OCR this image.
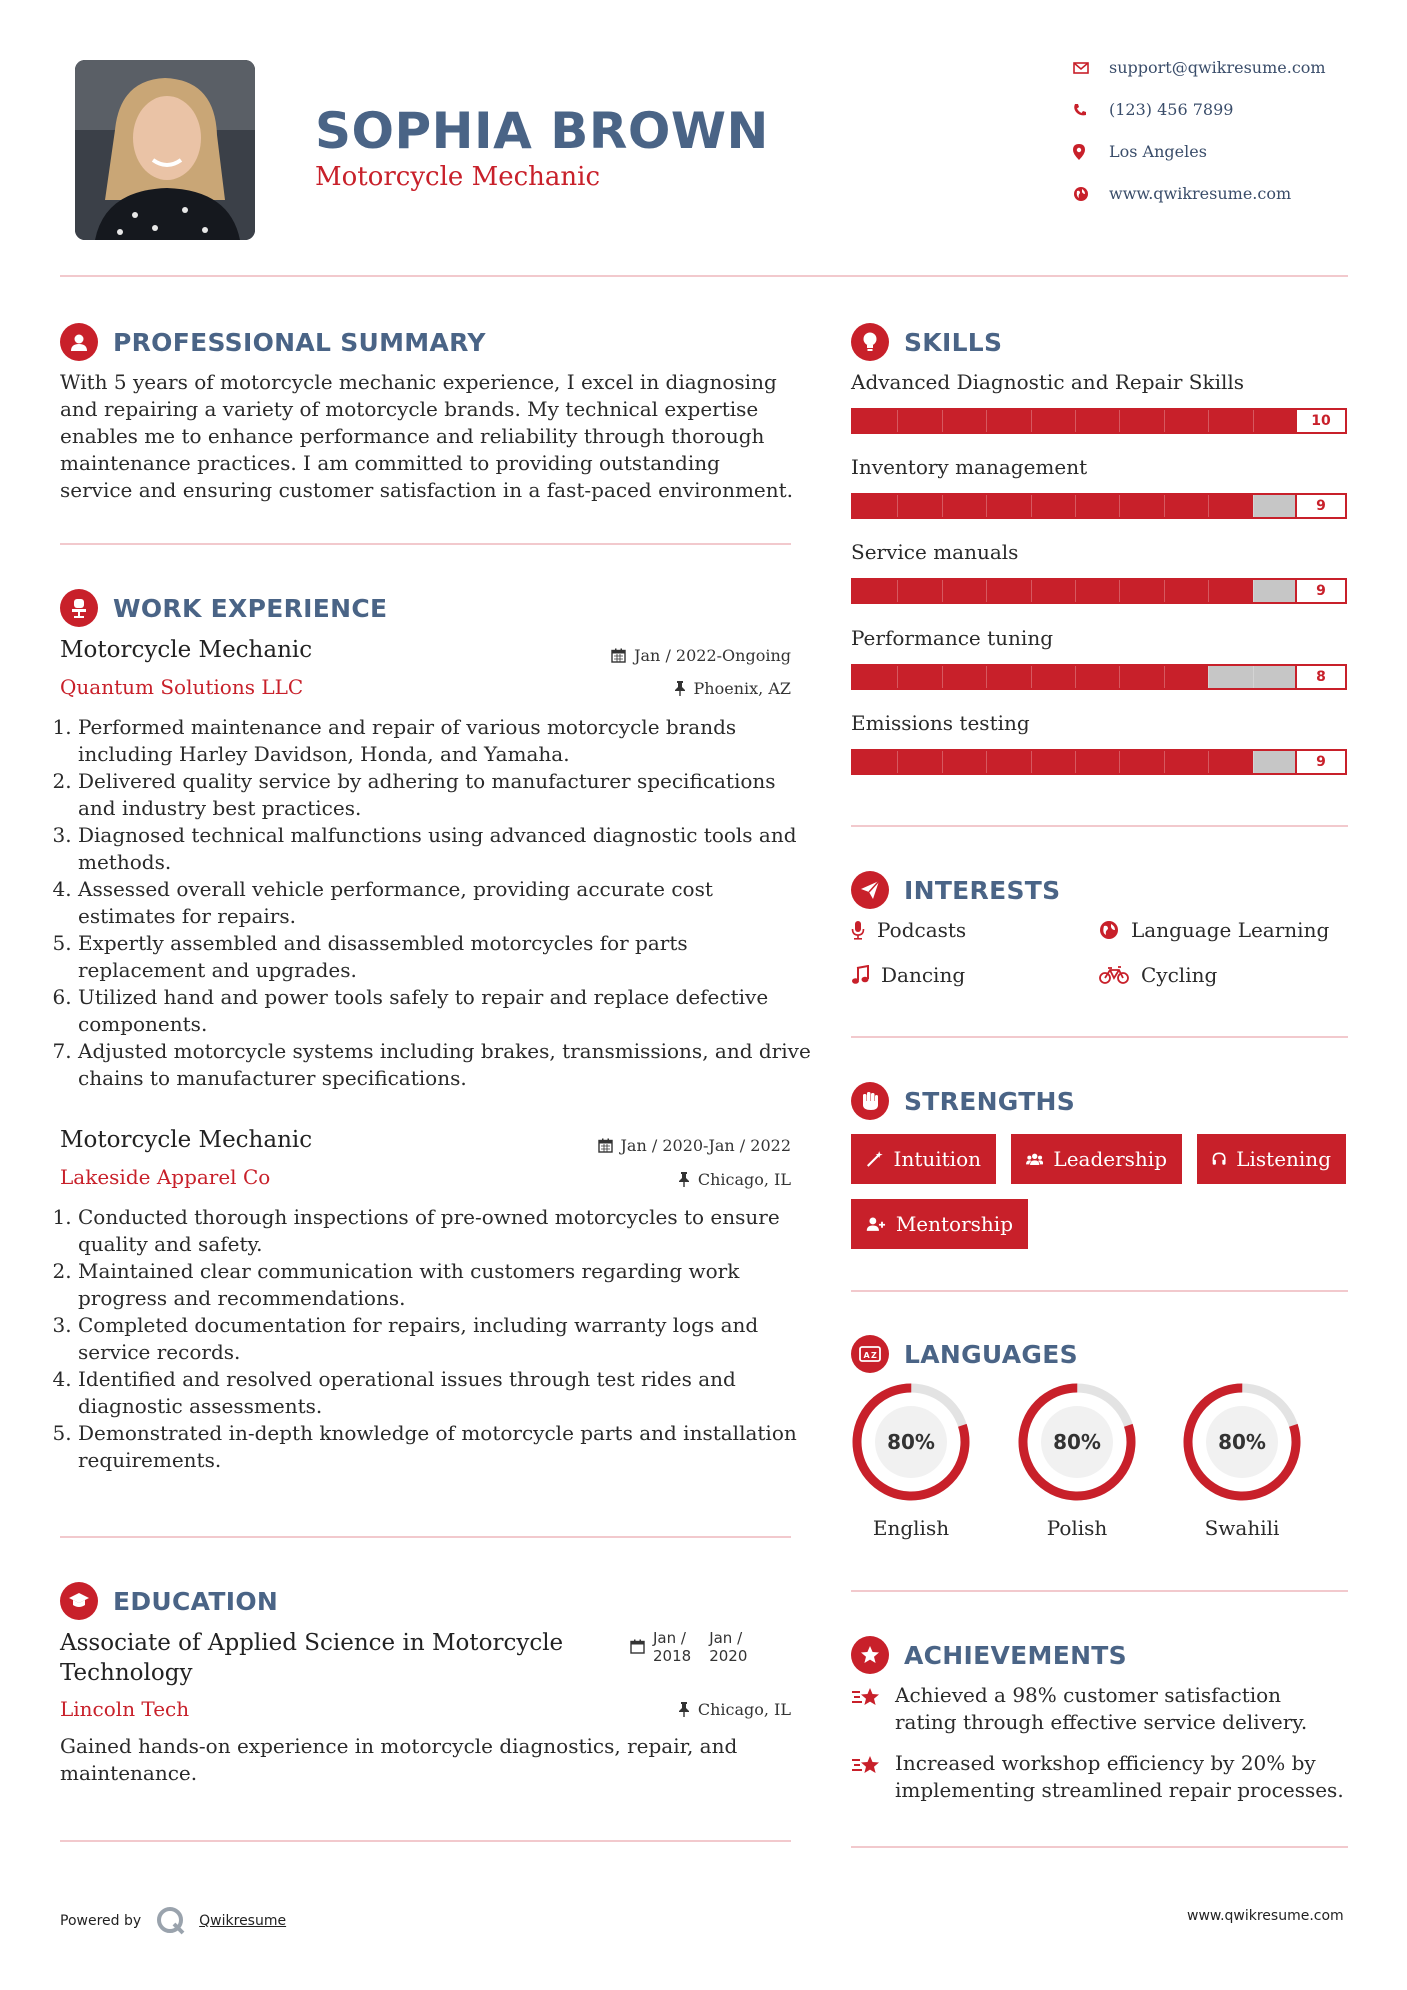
SOPHIA BROWN
Motorcycle Mechanic
support@qwikresume.com
(123) 456 7899
Los Angeles
www.qwikresume.com
PROFESSIONAL SUMMARY
With 5 years of motorcycle mechanic experience, I excel in diagnosing and repairing a variety of motorcycle brands. My technical expertise enables me to enhance performance and reliability through thorough maintenance practices. I am committed to providing outstanding service and ensuring customer satisfaction in a fast-paced environment.
WORK EXPERIENCE
Motorcycle Mechanic
Quantum Solutions LLC
Jan / 2022-Ongoing
Phoenix, AZ
1. Performed maintenance and repair of various motorcycle brands including Harley Davidson, Honda, and Yamaha.
2. Delivered quality service by adhering to manufacturer specifications and industry best practices.
3. Diagnosed technical malfunctions using advanced diagnostic tools and methods.
4. Assessed overall vehicle performance, providing accurate cost estimates for repairs.
5. Expertly assembled and disassembled motorcycles for parts replacement and upgrades.
6. Utilized hand and power tools safely to repair and replace defective components.
7. Adjusted motorcycle systems including brakes, transmissions, and drive chains to manufacturer specifications.
Motorcycle Mechanic
Lakeside Apparel Co
Jan / 2020-Jan / 2022
Chicago, IL
1. Conducted thorough inspections of pre-owned motorcycles to ensure quality and safety.
2. Maintained clear communication with customers regarding work progress and recommendations.
3. Completed documentation for repairs, including warranty logs and service records.
4. Identified and resolved operational issues through test rides and diagnostic assessments.
5. Demonstrated in-depth knowledge of motorcycle parts and installation requirements.
EDUCATION
Associate of Applied Science in Motorcycle Technology
Lincoln Tech
Jan /
2018
Jan /
2020
Chicago, IL
Gained hands-on experience in motorcycle diagnostics, repair, and maintenance.
SKILLS
Advanced Diagnostic and Repair Skills
10
Inventory management
9
Service manuals
9
Performance tuning
8
Emissions testing
9
INTERESTS
Podcasts	Language Learning
Dancing	Cycling
STRENGTHS
Intuition	Leadership	Listening
Mentorship
A Z LANGUAGES
80%
English
80%
Polish
80%
Swahili
ACHIEVEMENTS
Achieved a 98% customer satisfaction rating through effective service delivery.
Increased workshop efficiency by 20% by implementing streamlined repair processes.
Powered by	Qwikresume	www.qwikresume.com
